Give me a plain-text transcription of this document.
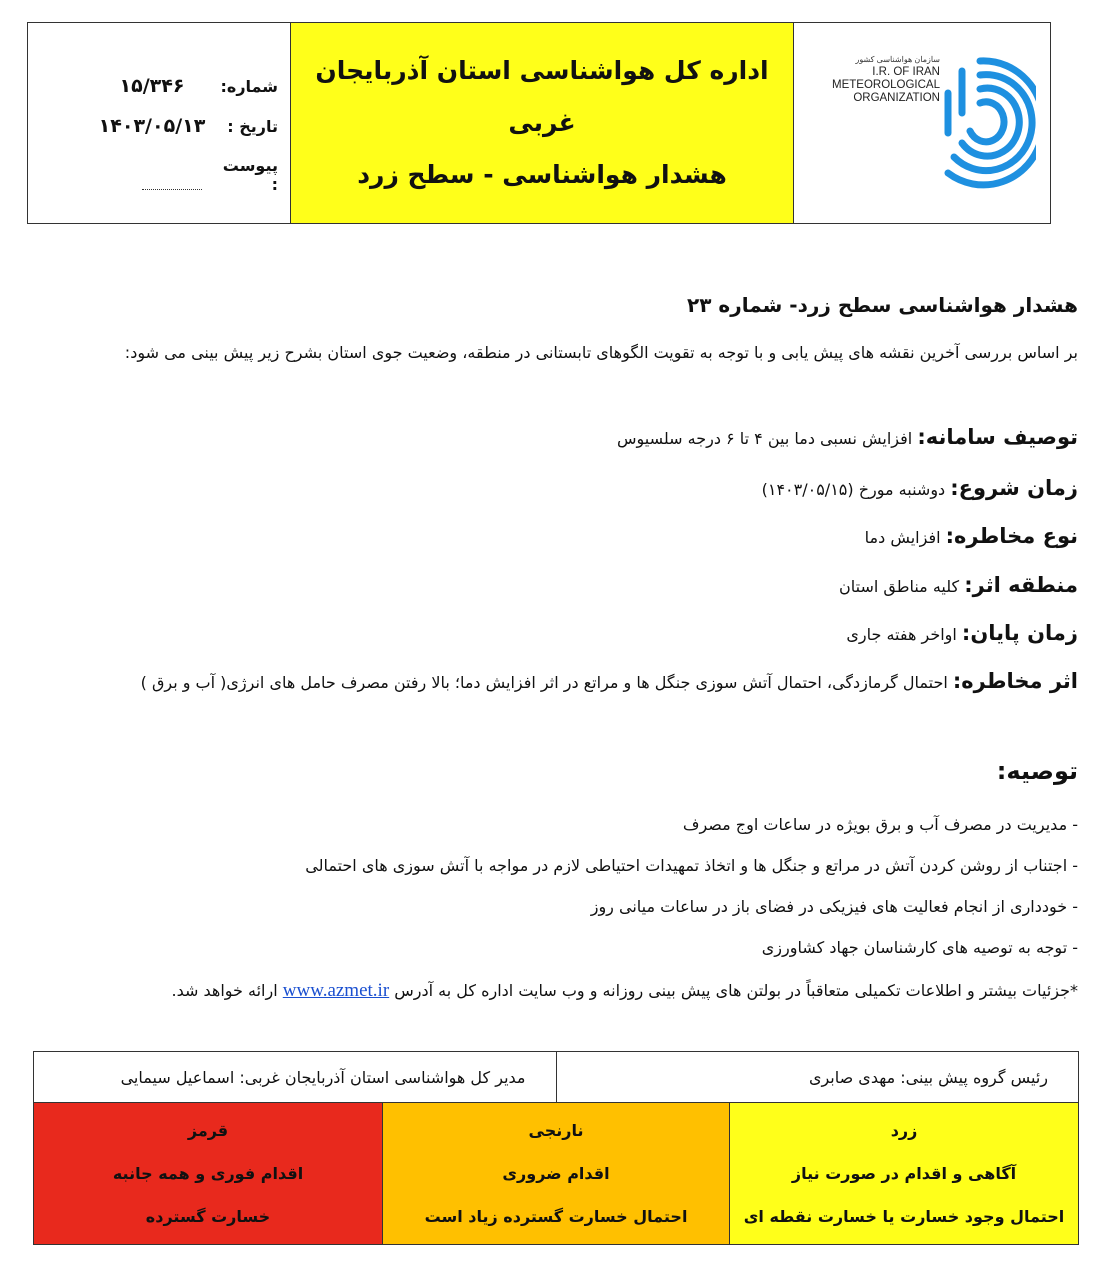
شماره:۱۵/۳۴۶
تاریخ :۱۴۰۳/۰۵/۱۳
پیوست :
اداره کل هواشناسی استان آذربایجان غربی
هشدار هواشناسی - سطح زرد
سازمان هواشناسی کشور
I.R. OF IRAN
METEOROLOGICAL
ORGANIZATION
هشدار هواشناسی سطح زرد- شماره ۲۳
بر اساس بررسی آخرین نقشه های پیش یابی و با توجه به تقویت الگوهای تابستانی در منطقه، وضعیت جوی استان بشرح زیر پیش بینی می شود:
توصیف سامانه: افزایش نسبی دما بین ۴ تا ۶ درجه سلسیوس
زمان شروع: دوشنبه مورخ (۱۴۰۳/۰۵/۱۵)
نوع مخاطره: افزایش دما
منطقه اثر: کلیه مناطق استان
زمان پایان: اواخر هفته جاری
اثر مخاطره: احتمال گرمازدگی، احتمال آتش سوزی جنگل ها و مراتع در اثر افزایش دما؛ بالا رفتن مصرف حامل های انرژی( آب و برق )
توصیه:
- مدیریت در مصرف آب و برق بویژه در ساعات اوج مصرف
- اجتناب از روشن کردن آتش در مراتع و جنگل ها و اتخاذ تمهیدات احتیاطی لازم در مواجه با آتش سوزی های احتمالی
- خودداری از انجام فعالیت های فیزیکی در فضای باز در ساعات میانی روز
- توجه به توصیه های کارشناسان جهاد کشاورزی
*جزئیات بیشتر و اطلاعات تکمیلی متعاقباً در بولتن های پیش بینی روزانه و وب سایت اداره کل به آدرس www.azmet.ir ارائه خواهد شد.
رئیس گروه پیش بینی: مهدی صابری
مدیر کل هواشناسی استان آذربایجان غربی: اسماعیل سیمایی
قرمز
اقدام فوری و همه جانبه
خسارت گسترده
نارنجی
اقدام ضروری
احتمال خسارت گسترده زیاد است
زرد
آگاهی و اقدام در صورت نیاز
احتمال وجود خسارت یا خسارت نقطه ای
